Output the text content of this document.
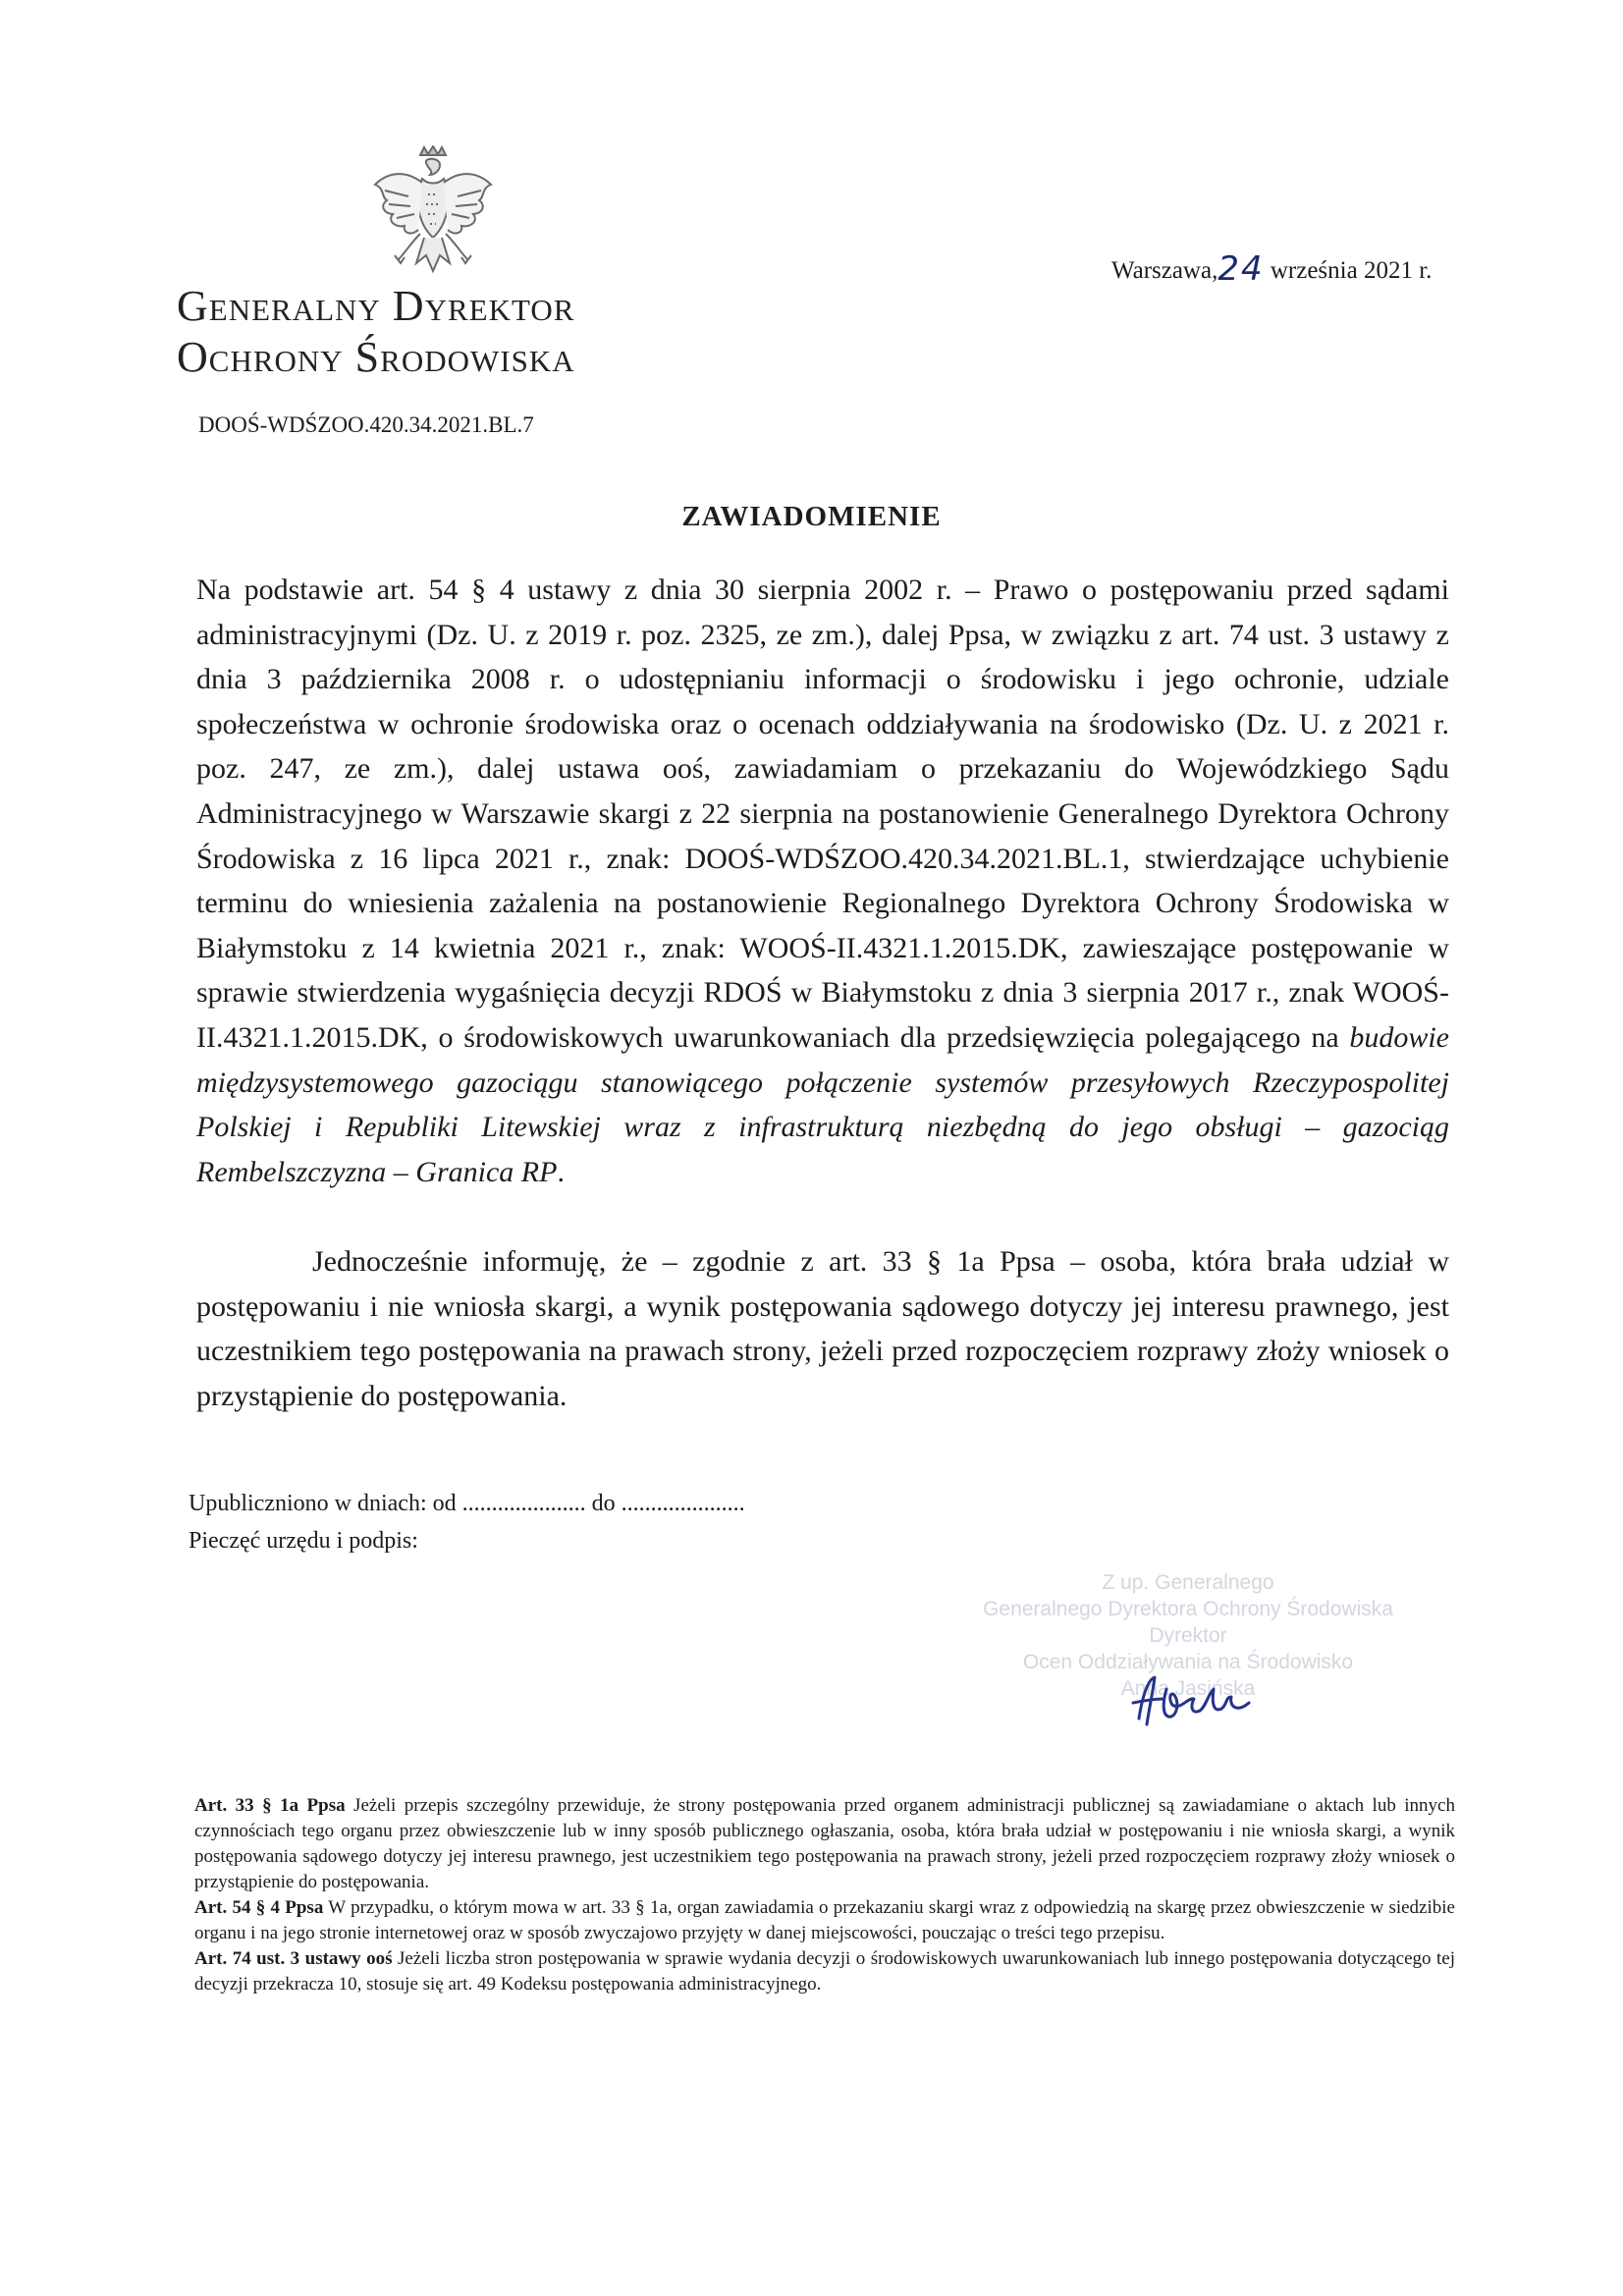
Warszawa,24 września 2021 r.
Generalny Dyrektor
Ochrony Środowiska
DOOŚ-WDŚZOO.420.34.2021.BL.7
ZAWIADOMIENIE

Na podstawie art. 54 § 4 ustawy z dnia 30 sierpnia 2002 r. – Prawo o postępowaniu przed sądami administracyjnymi (Dz. U. z 2019 r. poz. 2325, ze zm.), dalej Ppsa, w związku z art. 74 ust. 3 ustawy z dnia 3 października 2008 r. o udostępnianiu informacji o środowisku i jego ochronie, udziale społeczeństwa w ochronie środowiska oraz o ocenach oddziaływania na środowisko (Dz. U. z 2021 r. poz. 247, ze zm.), dalej ustawa ooś, zawiadamiam o przekazaniu do Wojewódzkiego Sądu Administracyjnego w Warszawie skargi z 22 sierpnia na postanowienie Generalnego Dyrektora Ochrony Środowiska z 16 lipca 2021 r., znak: DOOŚ-WDŚZOO.420.34.2021.BL.1, stwierdzające uchybienie terminu do wniesienia zażalenia na postanowienie Regionalnego Dyrektora Ochrony Środowiska w Białymstoku z 14 kwietnia 2021 r., znak: WOOŚ-II.4321.1.2015.DK, zawieszające postępowanie w sprawie stwierdzenia wygaśnięcia decyzji RDOŚ w Białymstoku z dnia 3 sierpnia 2017 r., znak WOOŚ-II.4321.1.2015.DK, o środowiskowych uwarunkowaniach dla przedsięwzięcia polegającego na budowie międzysystemowego gazociągu stanowiącego połączenie systemów przesyłowych Rzeczypospolitej Polskiej i Republiki Litewskiej wraz z infrastrukturą niezbędną do jego obsługi – gazociąg Rembelszczyzna – Granica RP.

Jednocześnie informuję, że – zgodnie z art. 33 § 1a Ppsa – osoba, która brała udział w postępowaniu i nie wniosła skargi, a wynik postępowania sądowego dotyczy jej interesu prawnego, jest uczestnikiem tego postępowania na prawach strony, jeżeli przed rozpoczęciem rozprawy złoży wniosek o przystąpienie do postępowania.

Upubliczniono w dniach: od ..................... do .....................
Pieczęć urzędu i podpis:
Z up. Generalnego
Generalnego Dyrektora Ochrony Środowiska
Dyrektor
Ocen Oddziaływania na Środowisko
Anna Jasińska

Art. 33 § 1a Ppsa Jeżeli przepis szczególny przewiduje, że strony postępowania przed organem administracji publicznej są zawiadamiane o aktach lub innych czynnościach tego organu przez obwieszczenie lub w inny sposób publicznego ogłaszania, osoba, która brała udział w postępowaniu i nie wniosła skargi, a wynik postępowania sądowego dotyczy jej interesu prawnego, jest uczestnikiem tego postępowania na prawach strony, jeżeli przed rozpoczęciem rozprawy złoży wniosek o przystąpienie do postępowania.

Art. 54 § 4 Ppsa W przypadku, o którym mowa w art. 33 § 1a, organ zawiadamia o przekazaniu skargi wraz z odpowiedzią na skargę przez obwieszczenie w siedzibie organu i na jego stronie internetowej oraz w sposób zwyczajowo przyjęty w danej miejscowości, pouczając o treści tego przepisu.

Art. 74 ust. 3 ustawy ooś Jeżeli liczba stron postępowania w sprawie wydania decyzji o środowiskowych uwarunkowaniach lub innego postępowania dotyczącego tej decyzji przekracza 10, stosuje się art. 49 Kodeksu postępowania administracyjnego.
